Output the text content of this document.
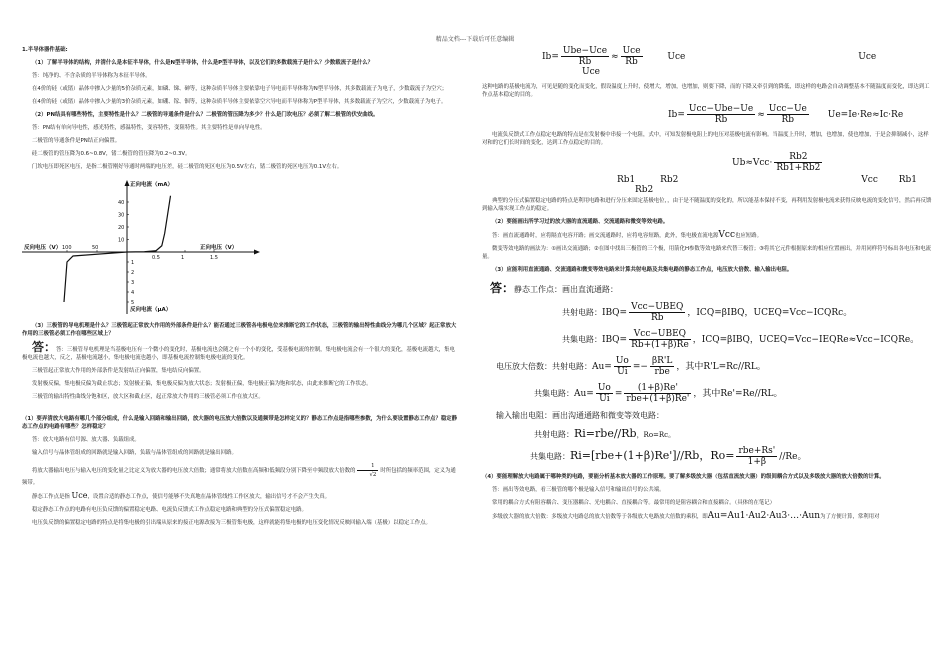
精品文档---下载后可任意编辑

1.半导体器件基础:

（1）了解半导体的结构，并清什么是本征半导体，什么是N型半导体，什么是P型半导体，以及它们的多数载流子是什么？少数载流子是什么？

答：纯净的、不含杂质的半导体称为本征半导体。

在4价的硅（或锗）晶体中掺入少量的5价杂质元素，如磷、锑、砷等，这种杂质半导体主要依靠电子导电而半导体称为N型半导体，其多数载流子为电子，少数载流子为空穴；

在4价的硅（或锗）晶体中掺入少量的3价杂质元素，如硼、镓、铟等，这种杂质半导体主要依靠空穴导电而半导体称为P型半导体，其多数载流子为空穴，少数载流子为电子。

（2）PN结具有哪些特性，主要特性是什么？二极管的导通条件是什么？二极管的管压降为多少？什么是门坎电压？必须了解二极管的伏安曲线。

答：PN结有单向导电性，感光特性，感温特性，变容特性，变阻特性。其主要特性是单向导电性。

二极管的导通条件是PN结正向偏置。

硅二极管的管压降为0.6~0.8V，锗二极管的管压降为0.2~0.3V。

门坎电压即死区电压，是指二极管刚好导通时两端的电压差，硅二极管的死区电压为0.5V左右，锗二极管的死区电压为0.1V左右。

正向电流（mA）
正向电压（V）
反向电压（V）
反向电流（μA）
0.5	1	1.5
100	50
40
30
20
10
1
2
3
4
5

（3）三极管的导电机理是什么？三极管起正常放大作用的外部条件是什么？能否通过三极管各电极电位来推断它的工作状态，三极管的输出特性曲线分为哪几个区域？起正常放大作用的三极管必须工作在哪些区域上？

答：答：三极管导电机理是当基极电压有一个微小的变化时，基极电流也会随之有一个小的变化，受基极电流的控制，集电极电流会有一个很大的变化，基极电流越大，集电极电流也越大，反之，基极电流越小，集电极电流也越小，即基极电流控制集电极电流的变化。

三极管起正常放大作用的外部条件是发射结正向偏置，集电结反向偏置。

发射极反偏，集电极反偏为截止状态；发射极正偏，集电极反偏为放大状态；发射极正偏，集电极正偏为饱和状态，由此来推断它的工作状态。

三极管的输出特性曲线分饱和区，放大区和截止区，起正常放大作用的三极管必须工作在放大区。

（1）要弄清放大电路有哪几个部分组成，什么是输入回路和输出回路，放大器的电压放大倍数以及通频带是怎样定义的？静态工作点是指哪些参数，为什么要设置静态工作点？稳定静态工作点的电路有哪些？怎样稳定？

答：放大电路有信号源、放大器、负载组成。

输入信号与晶体管组成的回路就是输入回路，负载与晶体管组成的回路就是输出回路。

将放大器输出电压与输入电压的变化量之比定义为放大器的电压放大倍数；通常将放大倍数在高频和低频段分别下降至中频段放大倍数的 $\frac{1}{√2}$ 时所包括的频率范围，定义为通频带。

静态工作点是指 Uce，设置合适的静态工作点，使信号能够不失真地在晶体管线性工作区放大，输出信号才不会产生失真。

稳定静态工作点的电路有电压负反馈的偏置稳定电路、电流负反馈式工作点稳定电路和典型的分压式偏置稳定电路。

电压负反馈的偏置稳定电路的特点是将集电极的引出端从原来的接正电源改接为三极管集电极，这样就能将集电极的电压变化情况反映回输入端（基极）以稳定工作点。

$Ib= \frac{\text{Ube−Uce}}{Rb} \approx \frac{\text{Uce}}{Rb}$	Uce	Uce Uce

这种电路的基极电流为，可见是随的变化而变化，假设温度上升时，使增大，增加，也增加，则要下降，而的下降又牵引到的降低，即这样的电路会自动调整基本不随温度而变化，即达到工作点基本稳定的目的。

$Ib= \frac{\text{Ucc−Ube−Ue}}{Rb} \approx \frac{\text{Ucc−Ue}}{Rb} Ue=Ie\cdot Re\approx Ic\cdot Re$

电流负反馈式工作点稳定电路的特点是在发射极中串接一个电阻，式中，可知发射极电阻上的电压对基极电流有影响。当温度上升时，增加，也增加，使也增加，于是会抑制减小，这样对和的它们长时间的变化，达到工作点稳定的目的。

$Ub\approx Vcc\cdot \frac{Rb2}{Rb1+Rb2}$
Rb1	Rb2	Vcc Rb1 Rb2

典型的分压式偏置稳定电路的特点是利用电路和进行分压来固定基极电位，，由于是不随温度的变化的，所以能基本保持不变，再利用发射极电流来获得反映电流的变化信号，然后再反馈到输入端实现工作点的稳定。

（2）要能画出所学习过的放大器的直流通路、交流通路和微变等效电路。

答：画直流通路时，应将隔直电容开路；画交流通路时，应将电容短路，此外，集电极直流电源Vcc也应短路。

微变等效电路的画法为：①画出交流通路；②在图中找出三极管的三个极，用箭化H参数等效电路来代替三极管；③将其它元件根据原来的相应位置画出，并用同样符号标出各电压和电流量。

（3）应能利用直流通路、交流通路和微变等效电路来计算共射电路及共集电路的静态工作点，电压放大倍数、输入输出电阻。

答：静态工作点：画出直流通路：
共射电路：$IBQ= \frac{\text{Vcc−UBEQ}}{Rb}$ ，ICQ=βIBQ，UCEQ=Vcc−ICQRc。
共集电路：$IBQ= \frac{\text{Vcc−UBEQ}}{Rb+(1+\beta)Re}$ ，ICQ=βIBQ，UCEQ=Vcc−IEQRe≈Vcc−ICQRe。
电压放大倍数：共射电路：$Au= \frac{Uo}{Ui} =- \frac{\beta R'L}{\text{rbe}}$ ，其中R'L=Rc//RL。
共集电路：$Au= \frac{Uo}{Ui} = \frac{(1+\beta)Re'}{\text{rbe+(1+β)Re'}}$ ，其中Re'=Re//RL。
输入输出电阻：画出沟通通路和微变等效电路：
共射电路：Ri=rbe//Rb，Ro=Rc。
共集电路：Ri=[rbe+(1+β)Re']//Rb，$Ro= \frac{\text{rbe+Rs'}}{1+\beta} //Re$。

（4）要能理解放大电路属于哪种类的电路，要能分析基本放大器的工作原理。要了解多级放大器（包括直流放大器）的级间耦合方式以及多级放大器的放大倍数的计算。

答：画出等效电路，看三极管的哪个极是输入信号和输出信号的公共端。

常用的耦合方式有阻容耦合、变压器耦合、光电耦合、直接耦合等。最常用的是阻容耦合和直接耦合。（具体的在笔记）

多级放大器的放大倍数：多级放大电路总的放大倍数等于各级放大电路放大倍数的乘积，即Au=Au1·Au2·Au3·…·Aun为了方便计算，常利用对
